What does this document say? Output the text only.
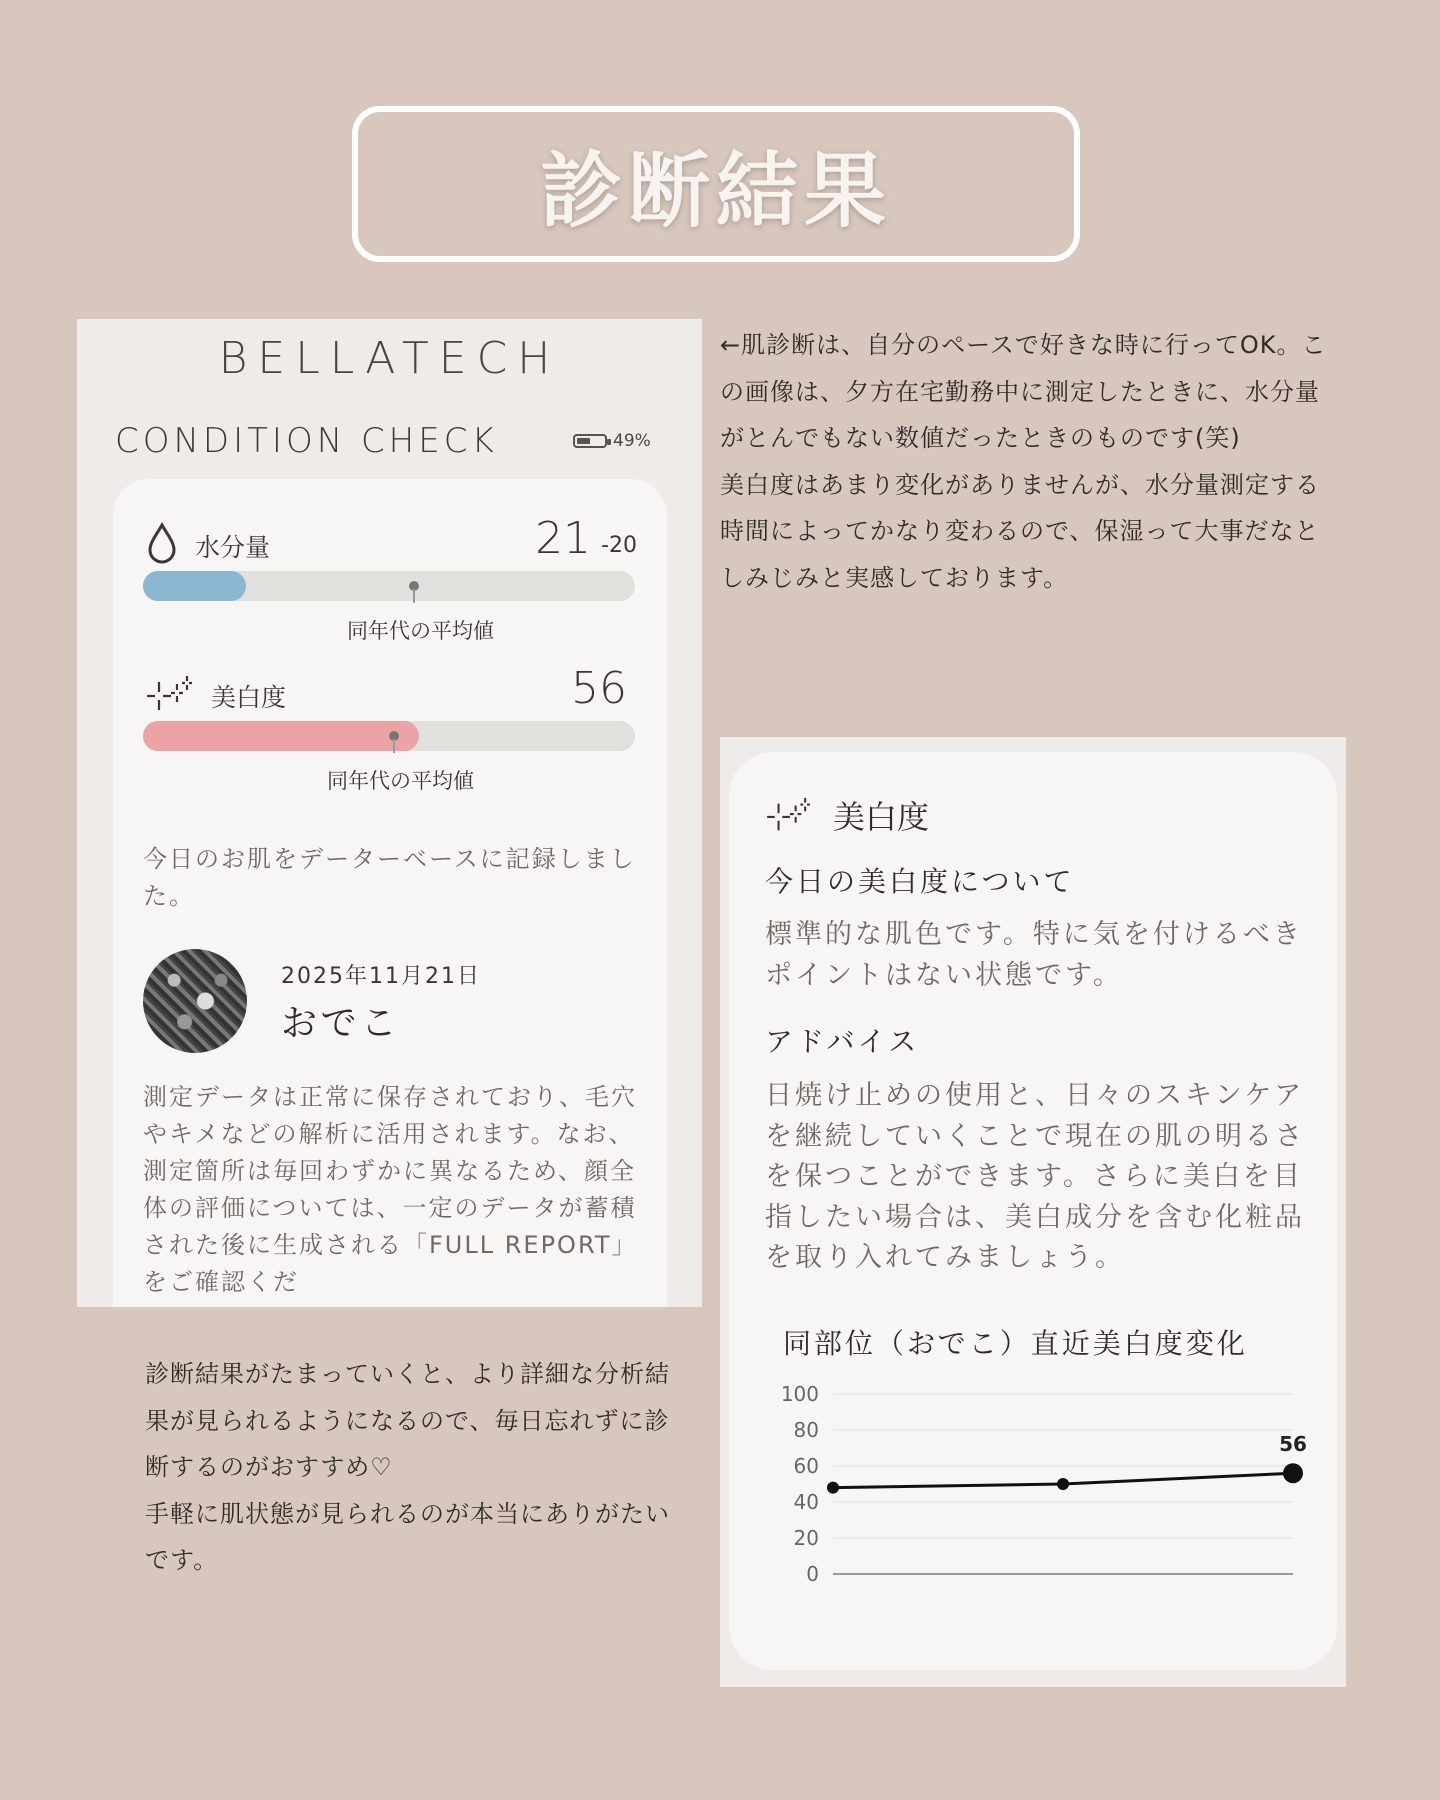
診断結果
BELLATECH
CONDITION CHECK	49%
水分量	21 -20
同年代の平均値
美白度	56
同年代の平均値
今日のお肌をデーターベースに記録しました。
2025年11月21日
おでこ
測定データは正常に保存されており、毛穴やキメなどの解析に活用されます。なお、測定箇所は毎回わずかに異なるため、顔全体の評価については、一定のデータが蓄積された後に生成される「FULL REPORT」をご確認くだ
←肌診断は、自分のペースで好きな時に行ってOK。この画像は、夕方在宅勤務中に測定したときに、水分量がとんでもない数値だったときのものです(笑)
美白度はあまり変化がありませんが、水分量測定する時間によってかなり変わるので、保湿って大事だなとしみじみと実感しております。
診断結果がたまっていくと、より詳細な分析結果が見られるようになるので、毎日忘れずに診断するのがおすすめ♡
手軽に肌状態が見られるのが本当にありがたいです。
美白度
今日の美白度について
標準的な肌色です。特に気を付けるべきポイントはない状態です。
アドバイス
日焼け止めの使用と、日々のスキンケアを継続していくことで現在の肌の明るさを保つことができます。さらに美白を目指したい場合は、美白成分を含む化粧品を取り入れてみましょう。
同部位（おでこ）直近美白度変化
100
80
60
40
20
0
56
